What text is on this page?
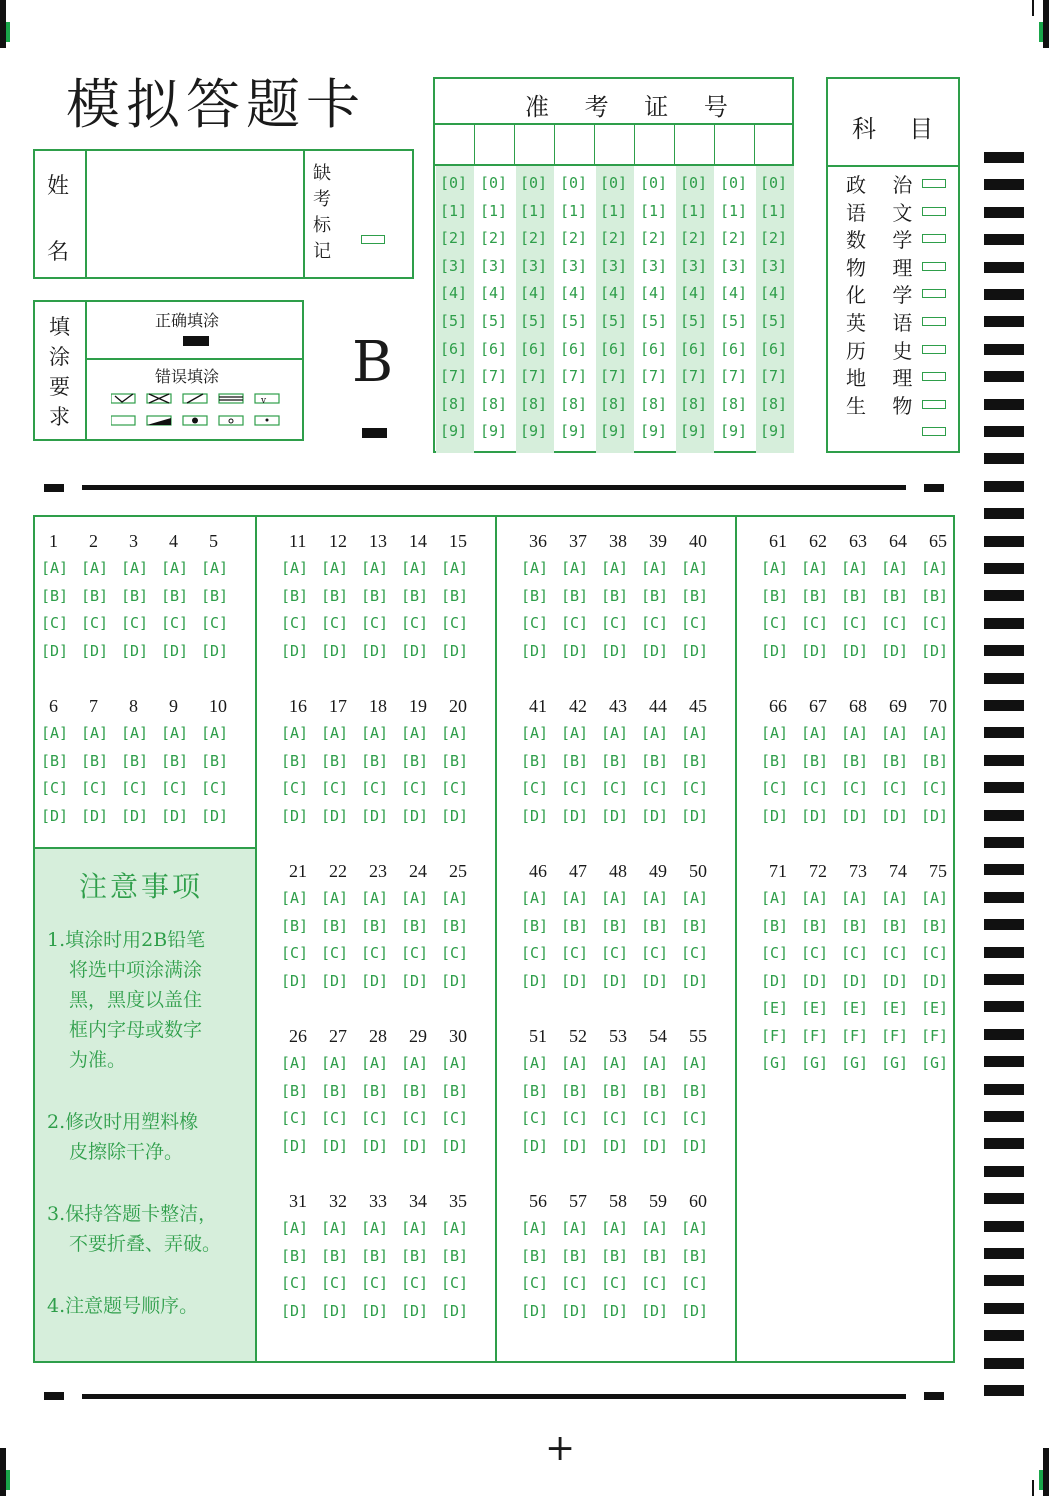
模拟答题卡
姓
名
缺
考
标
记
填
涂
要
求
正确填涂
错误填涂
v
B
准 考 证 号
[0]
[1]
[2]
[3]
[4]
[5]
[6]
[7]
[8]
[9]
[0]
[1]
[2]
[3]
[4]
[5]
[6]
[7]
[8]
[9]
[0]
[1]
[2]
[3]
[4]
[5]
[6]
[7]
[8]
[9]
[0]
[1]
[2]
[3]
[4]
[5]
[6]
[7]
[8]
[9]
[0]
[1]
[2]
[3]
[4]
[5]
[6]
[7]
[8]
[9]
[0]
[1]
[2]
[3]
[4]
[5]
[6]
[7]
[8]
[9]
[0]
[1]
[2]
[3]
[4]
[5]
[6]
[7]
[8]
[9]
[0]
[1]
[2]
[3]
[4]
[5]
[6]
[7]
[8]
[9]
[0]
[1]
[2]
[3]
[4]
[5]
[6]
[7]
[8]
[9]
科  目
政 治
语 文
数 学
物 理
化 学
英 语
历 史
地 理
生 物
注意事项
1.填涂时用2B铅笔
将选中项涂满涂
黑，黑度以盖住
框内字母或数字
为准。
2.修改时用塑料橡
皮擦除干净。
3.保持答题卡整洁，
不要折叠、弄破。
4.注意题号顺序。
1
[A]
[B]
[C]
[D]
2
[A]
[B]
[C]
[D]
3
[A]
[B]
[C]
[D]
4
[A]
[B]
[C]
[D]
5
[A]
[B]
[C]
[D]
6
[A]
[B]
[C]
[D]
7
[A]
[B]
[C]
[D]
8
[A]
[B]
[C]
[D]
9
[A]
[B]
[C]
[D]
10
[A]
[B]
[C]
[D]
11
[A]
[B]
[C]
[D]
12
[A]
[B]
[C]
[D]
13
[A]
[B]
[C]
[D]
14
[A]
[B]
[C]
[D]
15
[A]
[B]
[C]
[D]
16
[A]
[B]
[C]
[D]
17
[A]
[B]
[C]
[D]
18
[A]
[B]
[C]
[D]
19
[A]
[B]
[C]
[D]
20
[A]
[B]
[C]
[D]
21
[A]
[B]
[C]
[D]
22
[A]
[B]
[C]
[D]
23
[A]
[B]
[C]
[D]
24
[A]
[B]
[C]
[D]
25
[A]
[B]
[C]
[D]
26
[A]
[B]
[C]
[D]
27
[A]
[B]
[C]
[D]
28
[A]
[B]
[C]
[D]
29
[A]
[B]
[C]
[D]
30
[A]
[B]
[C]
[D]
31
[A]
[B]
[C]
[D]
32
[A]
[B]
[C]
[D]
33
[A]
[B]
[C]
[D]
34
[A]
[B]
[C]
[D]
35
[A]
[B]
[C]
[D]
36
[A]
[B]
[C]
[D]
37
[A]
[B]
[C]
[D]
38
[A]
[B]
[C]
[D]
39
[A]
[B]
[C]
[D]
40
[A]
[B]
[C]
[D]
41
[A]
[B]
[C]
[D]
42
[A]
[B]
[C]
[D]
43
[A]
[B]
[C]
[D]
44
[A]
[B]
[C]
[D]
45
[A]
[B]
[C]
[D]
46
[A]
[B]
[C]
[D]
47
[A]
[B]
[C]
[D]
48
[A]
[B]
[C]
[D]
49
[A]
[B]
[C]
[D]
50
[A]
[B]
[C]
[D]
51
[A]
[B]
[C]
[D]
52
[A]
[B]
[C]
[D]
53
[A]
[B]
[C]
[D]
54
[A]
[B]
[C]
[D]
55
[A]
[B]
[C]
[D]
56
[A]
[B]
[C]
[D]
57
[A]
[B]
[C]
[D]
58
[A]
[B]
[C]
[D]
59
[A]
[B]
[C]
[D]
60
[A]
[B]
[C]
[D]
61
[A]
[B]
[C]
[D]
62
[A]
[B]
[C]
[D]
63
[A]
[B]
[C]
[D]
64
[A]
[B]
[C]
[D]
65
[A]
[B]
[C]
[D]
66
[A]
[B]
[C]
[D]
67
[A]
[B]
[C]
[D]
68
[A]
[B]
[C]
[D]
69
[A]
[B]
[C]
[D]
70
[A]
[B]
[C]
[D]
71
[A]
[B]
[C]
[D]
[E]
[F]
[G]
72
[A]
[B]
[C]
[D]
[E]
[F]
[G]
73
[A]
[B]
[C]
[D]
[E]
[F]
[G]
74
[A]
[B]
[C]
[D]
[E]
[F]
[G]
75
[A]
[B]
[C]
[D]
[E]
[F]
[G]
+
